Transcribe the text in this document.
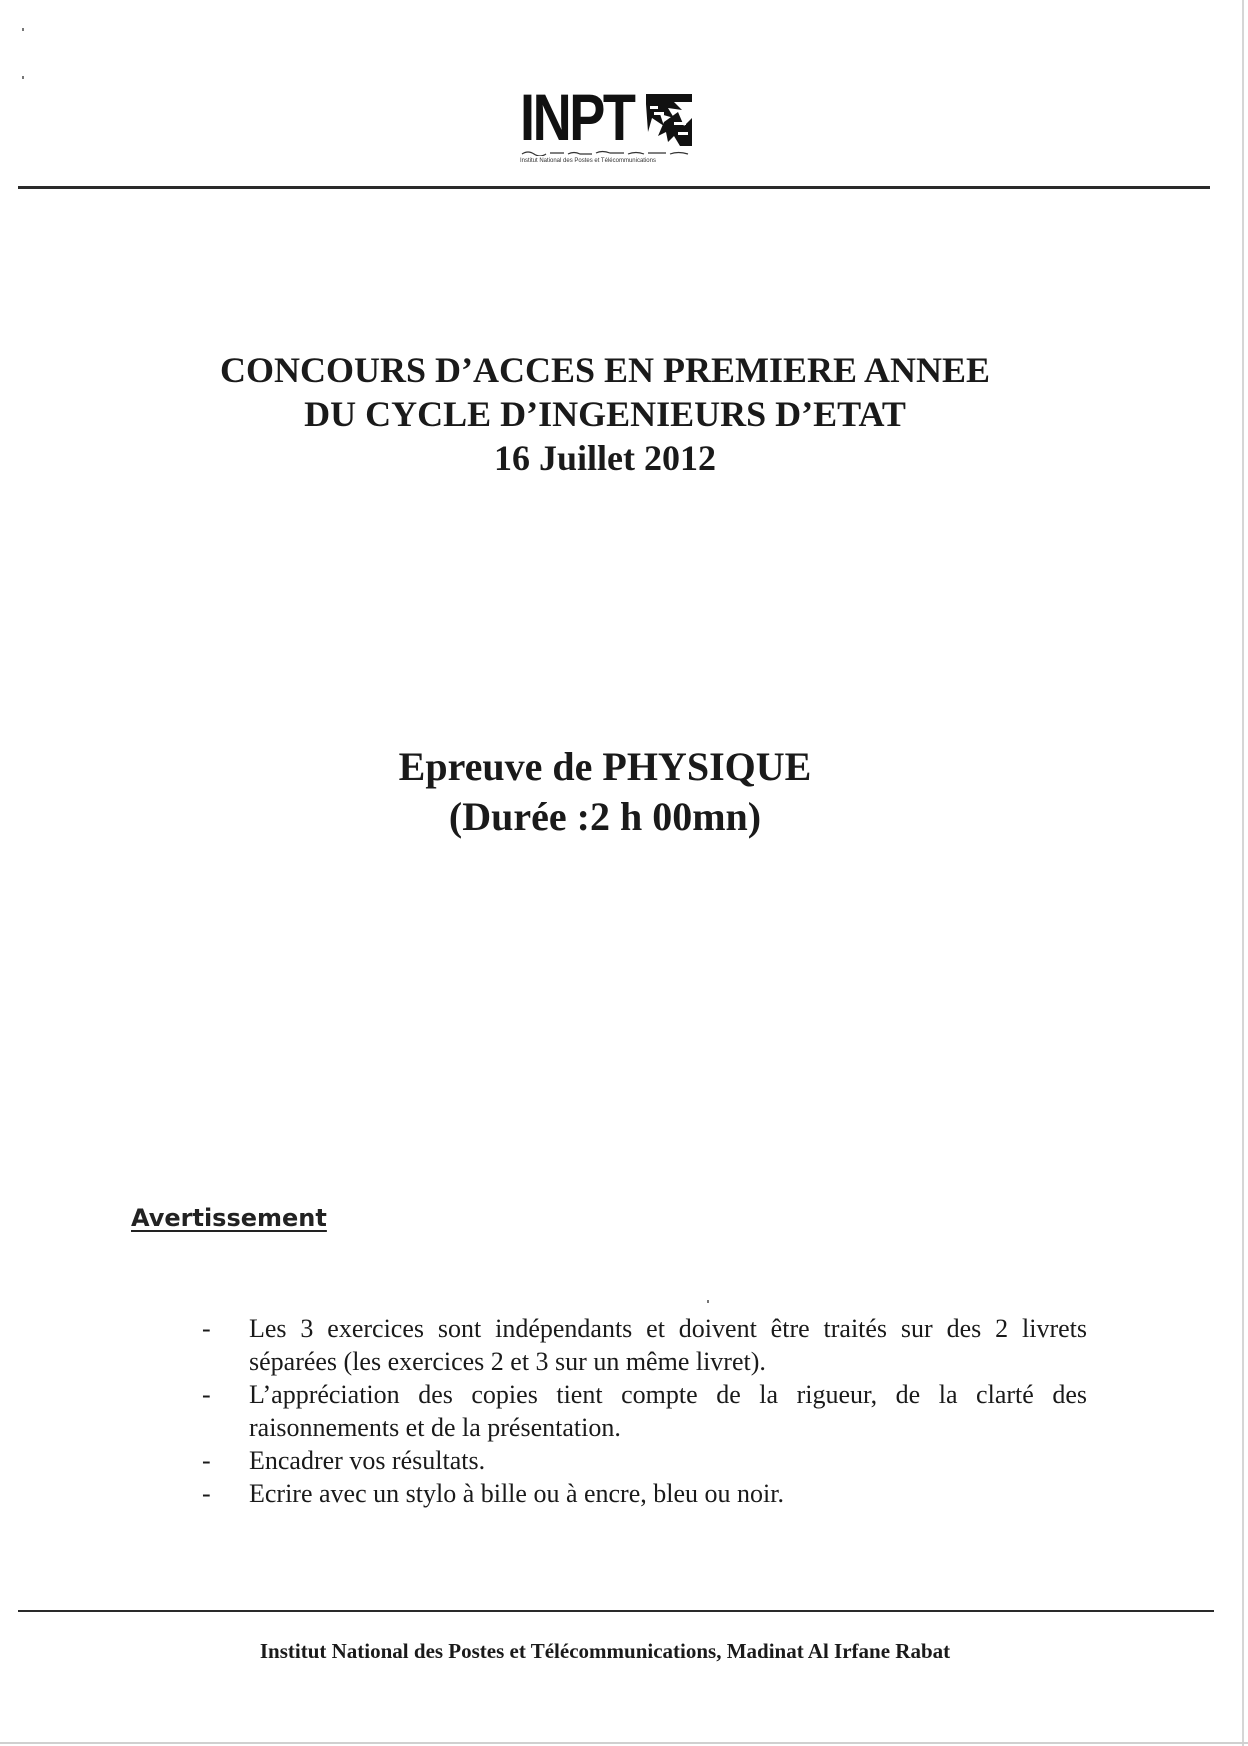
INPT
Institut National des Postes et Télécommunications
CONCOURS D’ACCES EN PREMIERE ANNEE
DU CYCLE D’INGENIEURS D’ETAT
16 Juillet 2012
Epreuve de PHYSIQUE
(Durée :2 h 00mn)
Avertissement
- Les 3 exercices sont indépendants et doivent être traités sur des 2 livrets séparées (les exercices 2 et 3 sur un même livret).
- L’appréciation des copies tient compte de la rigueur, de la clarté des raisonnements et de la présentation.
- Encadrer vos résultats.
- Ecrire avec un stylo à bille ou à encre, bleu ou noir.
Institut National des Postes et Télécommunications, Madinat Al Irfane Rabat
